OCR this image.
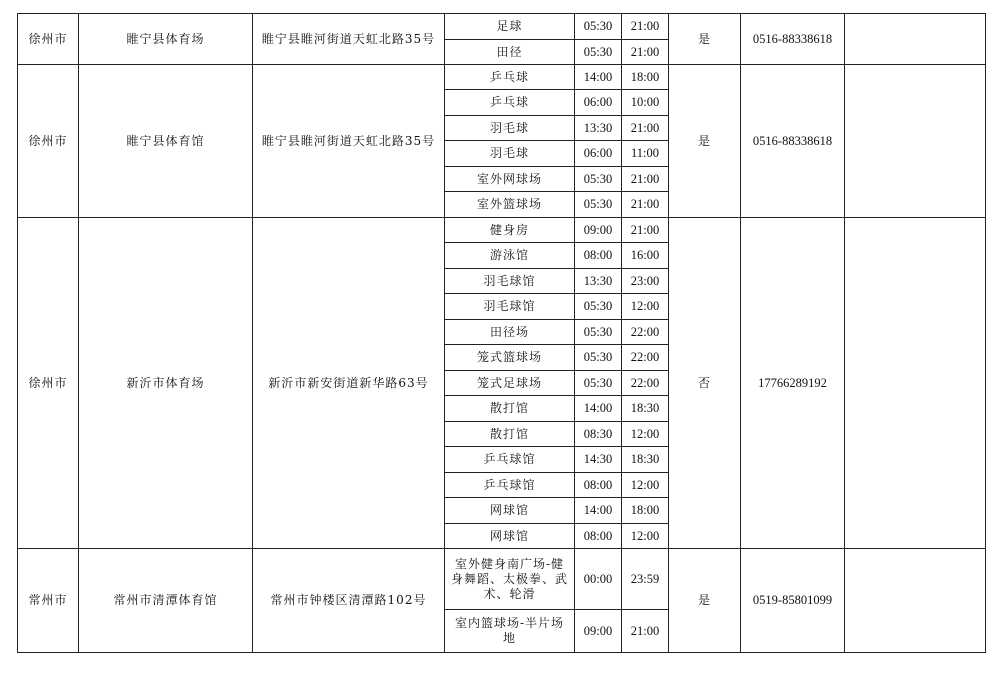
徐州市	睢宁县体育场	睢宁县睢河街道天虹北路35号	足球	05:30	21:00	是	0516-88338618	
			田径	05:30	21:00			
徐州市	睢宁县体育馆	睢宁县睢河街道天虹北路35号	乒乓球	14:00	18:00	是	0516-88338618	
			乒乓球	06:00	10:00			
			羽毛球	13:30	21:00			
			羽毛球	06:00	11:00			
			室外网球场	05:30	21:00			
			室外篮球场	05:30	21:00			
徐州市	新沂市体育场	新沂市新安街道新华路63号	健身房	09:00	21:00	否	17766289192	
			游泳馆	08:00	16:00			
			羽毛球馆	13:30	23:00			
			羽毛球馆	05:30	12:00			
			田径场	05:30	22:00			
			笼式篮球场	05:30	22:00			
			笼式足球场	05:30	22:00			
			散打馆	14:00	18:30			
			散打馆	08:30	12:00			
			乒乓球馆	14:30	18:30			
			乒乓球馆	08:00	12:00			
			网球馆	14:00	18:00			
			网球馆	08:00	12:00			
常州市	常州市清潭体育馆	常州市钟楼区清潭路102号	室外健身南广场-健身舞蹈、太极拳、武术、轮滑	00:00	23:59	是	0519-85801099	
			室内篮球场-半片场地	09:00	21:00			
